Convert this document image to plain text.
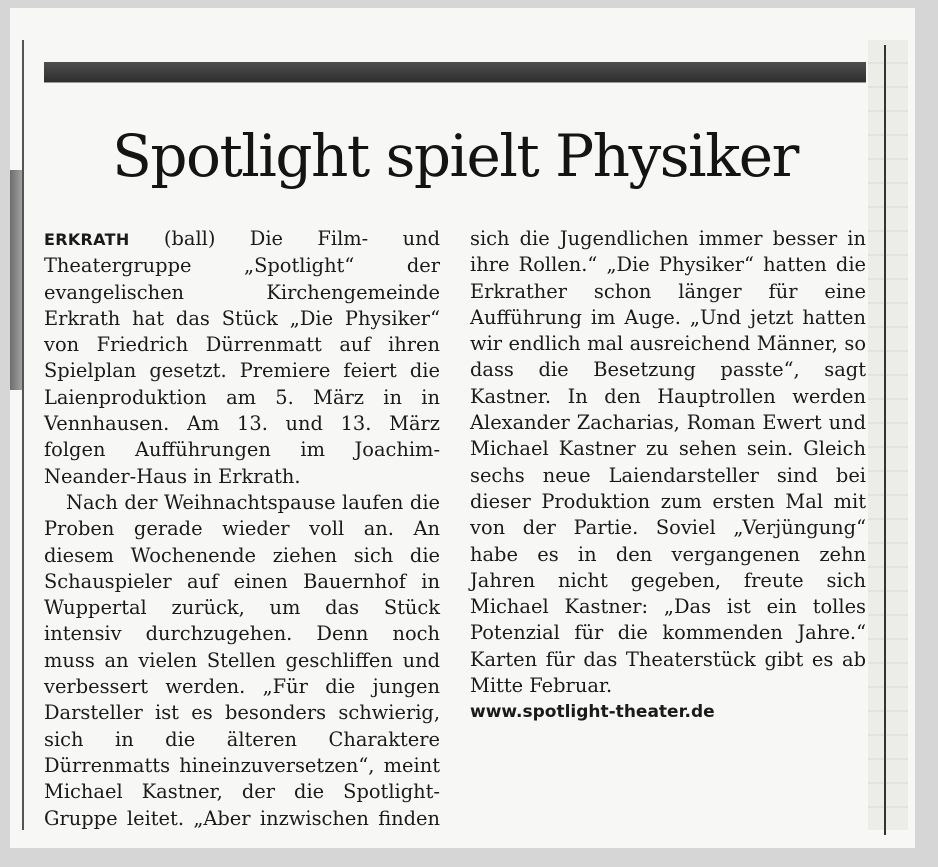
Spotlight spielt Physiker

ERKRATH (ball) Die Film- und Theatergruppe „Spotlight“ der evangelischen Kirchengemeinde Erkrath hat das Stück „Die Physiker“ von Friedrich Dürrenmatt auf ihren Spielplan gesetzt. Premiere feiert die Laienproduktion am 5. März in in Vennhausen. Am 13. und 13. März folgen Aufführungen im Joachim-Neander-Haus in Erkrath.

Nach der Weihnachtspause laufen die Proben gerade wieder voll an. An diesem Wochenende ziehen sich die Schauspieler auf einen Bauernhof in Wuppertal zurück, um das Stück intensiv durchzugehen. Denn noch muss an vielen Stellen geschliffen und verbessert werden. „Für die jungen Darsteller ist es besonders schwierig, sich in die älteren Charaktere Dürrenmatts hineinzuversetzen“, meint Michael Kastner, der die Spotlight-Gruppe leitet. „Aber inzwischen finden sich die Jugendlichen immer besser in ihre Rollen.“ „Die Physiker“ hatten die Erkrather schon länger für eine Aufführung im Auge. „Und jetzt hatten wir endlich mal ausreichend Männer, so dass die Besetzung passte“, sagt Kastner. In den Hauptrollen werden Alexander Zacharias, Roman Ewert und Michael Kastner zu sehen sein. Gleich sechs neue Laiendarsteller sind bei dieser Produktion zum ersten Mal mit von der Partie. Soviel „Verjüngung“ habe es in den vergangenen zehn Jahren nicht gegeben, freute sich Michael Kastner: „Das ist ein tolles Potenzial für die kommenden Jahre.“ Karten für das Theaterstück gibt es ab Mitte Februar.

www.spotlight-theater.de
